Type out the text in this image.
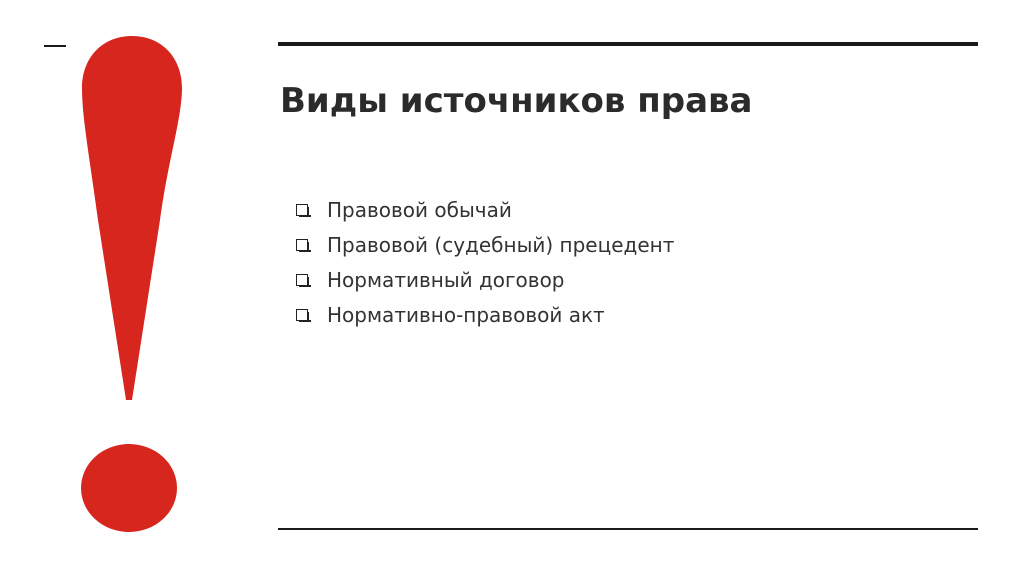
Виды источников права
Правовой обычай
Правовой (судебный) прецедент
Нормативный договор
Нормативно-правовой акт
